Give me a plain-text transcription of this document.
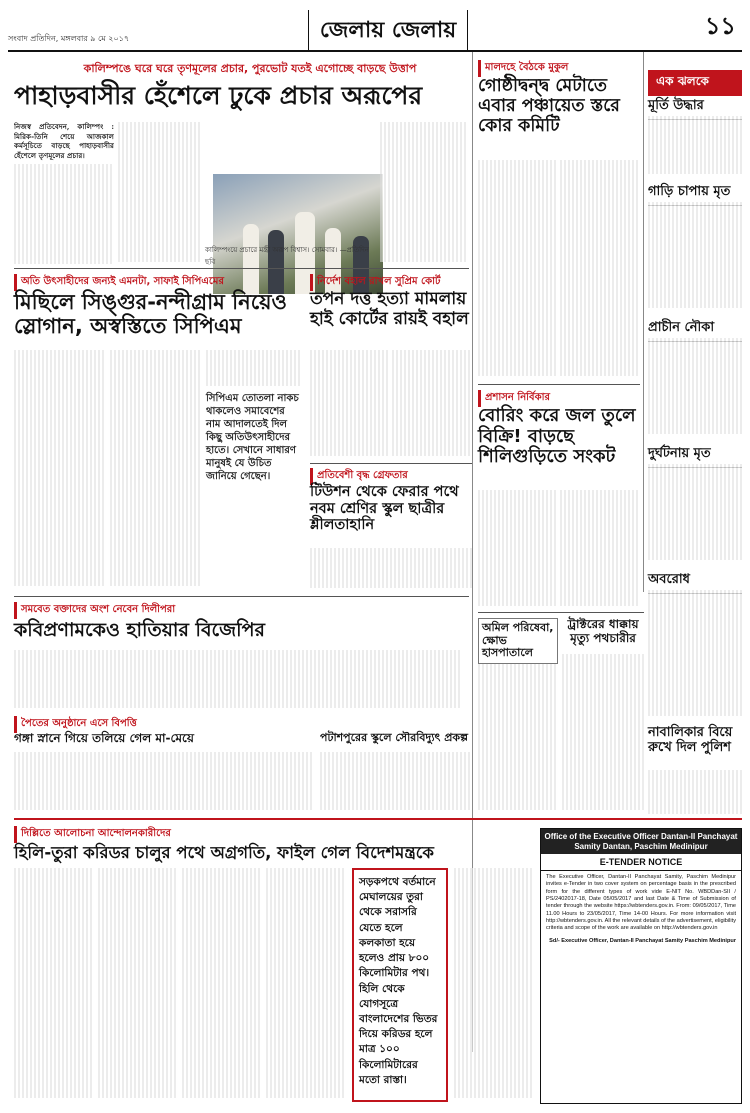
সংবাদ প্রতিদিন, মঙ্গলবার ৯ মে ২০১৭	জেলায় জেলায়	১১
কালিম্পঙে ঘরে ঘরে তৃণমূলের প্রচার, পুরভোট যতই এগোচ্ছে বাড়ছে উত্তাপ
পাহাড়বাসীর হেঁশেলে ঢুকে প্রচার অরূপের
নিজস্ব প্রতিবেদন, কালিম্পং : মিরিক-তিনি শেয়ে আজকাল কর্মসূচিতে বাড়ছে পাহাড়বাসীর হেঁশেলে তৃণমূলের প্রচার।
কালিম্পংয়ে প্রচারে মন্ত্রী অরূপ বিশ্বাস। সোমবার। —প্রতিদিন ছবি
অতি উৎসাহীদের জন্যই এমনটা, সাফাই সিপিএমের
মিছিলে সিঙ্গুর-নন্দীগ্রাম নিয়েও স্লোগান, অস্বস্তিতে সিপিএম
সিপিএম তোতলা নাকচ থাকলেও সমাবেশের নাম আদালতেই দিল কিছু অতিউৎসাহীদের হাতে। সেখানে সাধারণ মানুষই যে উচিত জানিয়ে গেছেন।
নির্দেশ বহাল রাখল সুপ্রিম কোর্ট
তপন দত্ত হত্যা মামলায় হাই কোর্টের রায়ই বহাল
প্রতিবেশী বৃদ্ধ গ্রেফতার
টিউশন থেকে ফেরার পথে নবম শ্রেণির স্কুল ছাত্রীর শ্লীলতাহানি
সমবেত বক্তাদের অংশ নেবেন দিলীপরা
কবিপ্রণামকেও হাতিয়ার বিজেপির
পৈতের অনুষ্ঠানে এসে বিপত্তি
গঙ্গা স্নানে গিয়ে তলিয়ে গেল মা-মেয়ে	পটাশপুরের স্কুলে সৌরবিদ্যুৎ প্রকল্প
মালদহে বৈঠকে মুকুল
গোষ্ঠীদ্বন্দ্ব মেটাতে এবার পঞ্চায়েত স্তরে কোর কমিটি
প্রশাসন নির্বিকার
বোরিং করে জল তুলে বিক্রি! বাড়ছে শিলিগুড়িতে সংকট
এক ঝলকে
মূর্তি উদ্ধার
গাড়ি চাপায় মৃত
প্রাচীন নৌকা
দুর্ঘটনায় মৃত
অবরোধ
অমিল পরিষেবা, ক্ষোভ হাসপাতালে
ট্রাক্টরের ধাক্কায় মৃত্যু পথচারীর
নাবালিকার বিয়ে রুখে দিল পুলিশ
দিল্লিতে আলোচনা আন্দোলনকারীদের
হিলি-তুরা করিডর চালুর পথে অগ্রগতি, ফাইল গেল বিদেশমন্ত্রকে
সড়কপথে বর্তমানে মেঘালয়ের তুরা থেকে সরাসরি যেতে হলে কলকাতা হয়ে হলেও প্রায় ৮০০ কিলোমিটার পথ। হিলি থেকে যোগসূত্রে বাংলাদেশের ভিতর দিয়ে করিডর হলে মাত্র ১০০ কিলোমিটারের মতো রাস্তা।
Office of the Executive Officer Dantan-II Panchayat Samity Dantan, Paschim Medinipur
E-TENDER NOTICE
The Executive Officer, Dantan-II Panchayat Samity, Paschim Medinipur invites e-Tender in two cover system on percentage basis in the prescribed form for the different types of work vide E-NIT No. WBDDan-SII / PS/2402017-18, Date 05/05/2017 and last Date & Time of Submission of tender through the website https://wbtenders.gov.in. From: 09/05/2017, Time 11.00 Hours to 23/05/2017, Time 14-00 Hours. For more information visit http://wbtenders.gov.in. All the relevant details of the advertisement, eligibility criteria and scope of the work are available on http://wbtenders.gov.in
Sd/- Executive Officer, Dantan-II Panchayat Samity Paschim Medinipur
